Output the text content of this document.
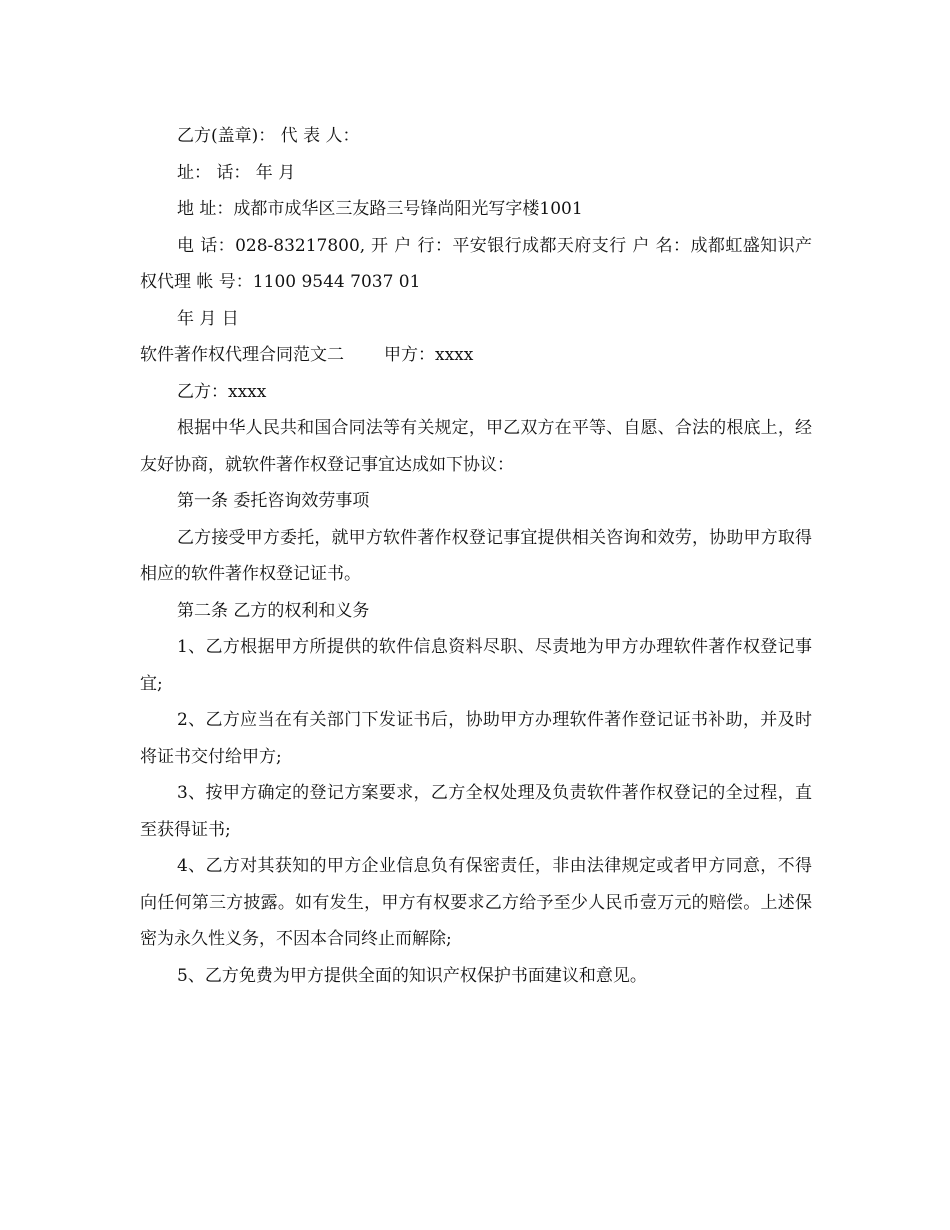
乙方(盖章)： 代 表 人：

址： 话： 年 月

地 址：成都市成华区三友路三号锋尚阳光写字楼1001

电 话：028-83217800, 开 户 行：平安银行成都天府支行 户 名：成都虹盛知识产权代理 帐 号：1100 9544 7037 01

年 月 日

软件著作权代理合同范文二 甲方：xxxx

乙方：xxxx

根据中华人民共和国合同法等有关规定，甲乙双方在平等、自愿、合法的根底上，经友好协商，就软件著作权登记事宜达成如下协议：

第一条 委托咨询效劳事项

乙方接受甲方委托，就甲方软件著作权登记事宜提供相关咨询和效劳，协助甲方取得相应的软件著作权登记证书。

第二条 乙方的权利和义务

1、乙方根据甲方所提供的软件信息资料尽职、尽责地为甲方办理软件著作权登记事宜;

2、乙方应当在有关部门下发证书后，协助甲方办理软件著作登记证书补助，并及时将证书交付给甲方;

3、按甲方确定的登记方案要求，乙方全权处理及负责软件著作权登记的全过程，直至获得证书;

4、乙方对其获知的甲方企业信息负有保密责任，非由法律规定或者甲方同意，不得向任何第三方披露。如有发生，甲方有权要求乙方给予至少人民币壹万元的赔偿。上述保密为永久性义务，不因本合同终止而解除;

5、乙方免费为甲方提供全面的知识产权保护书面建议和意见。
